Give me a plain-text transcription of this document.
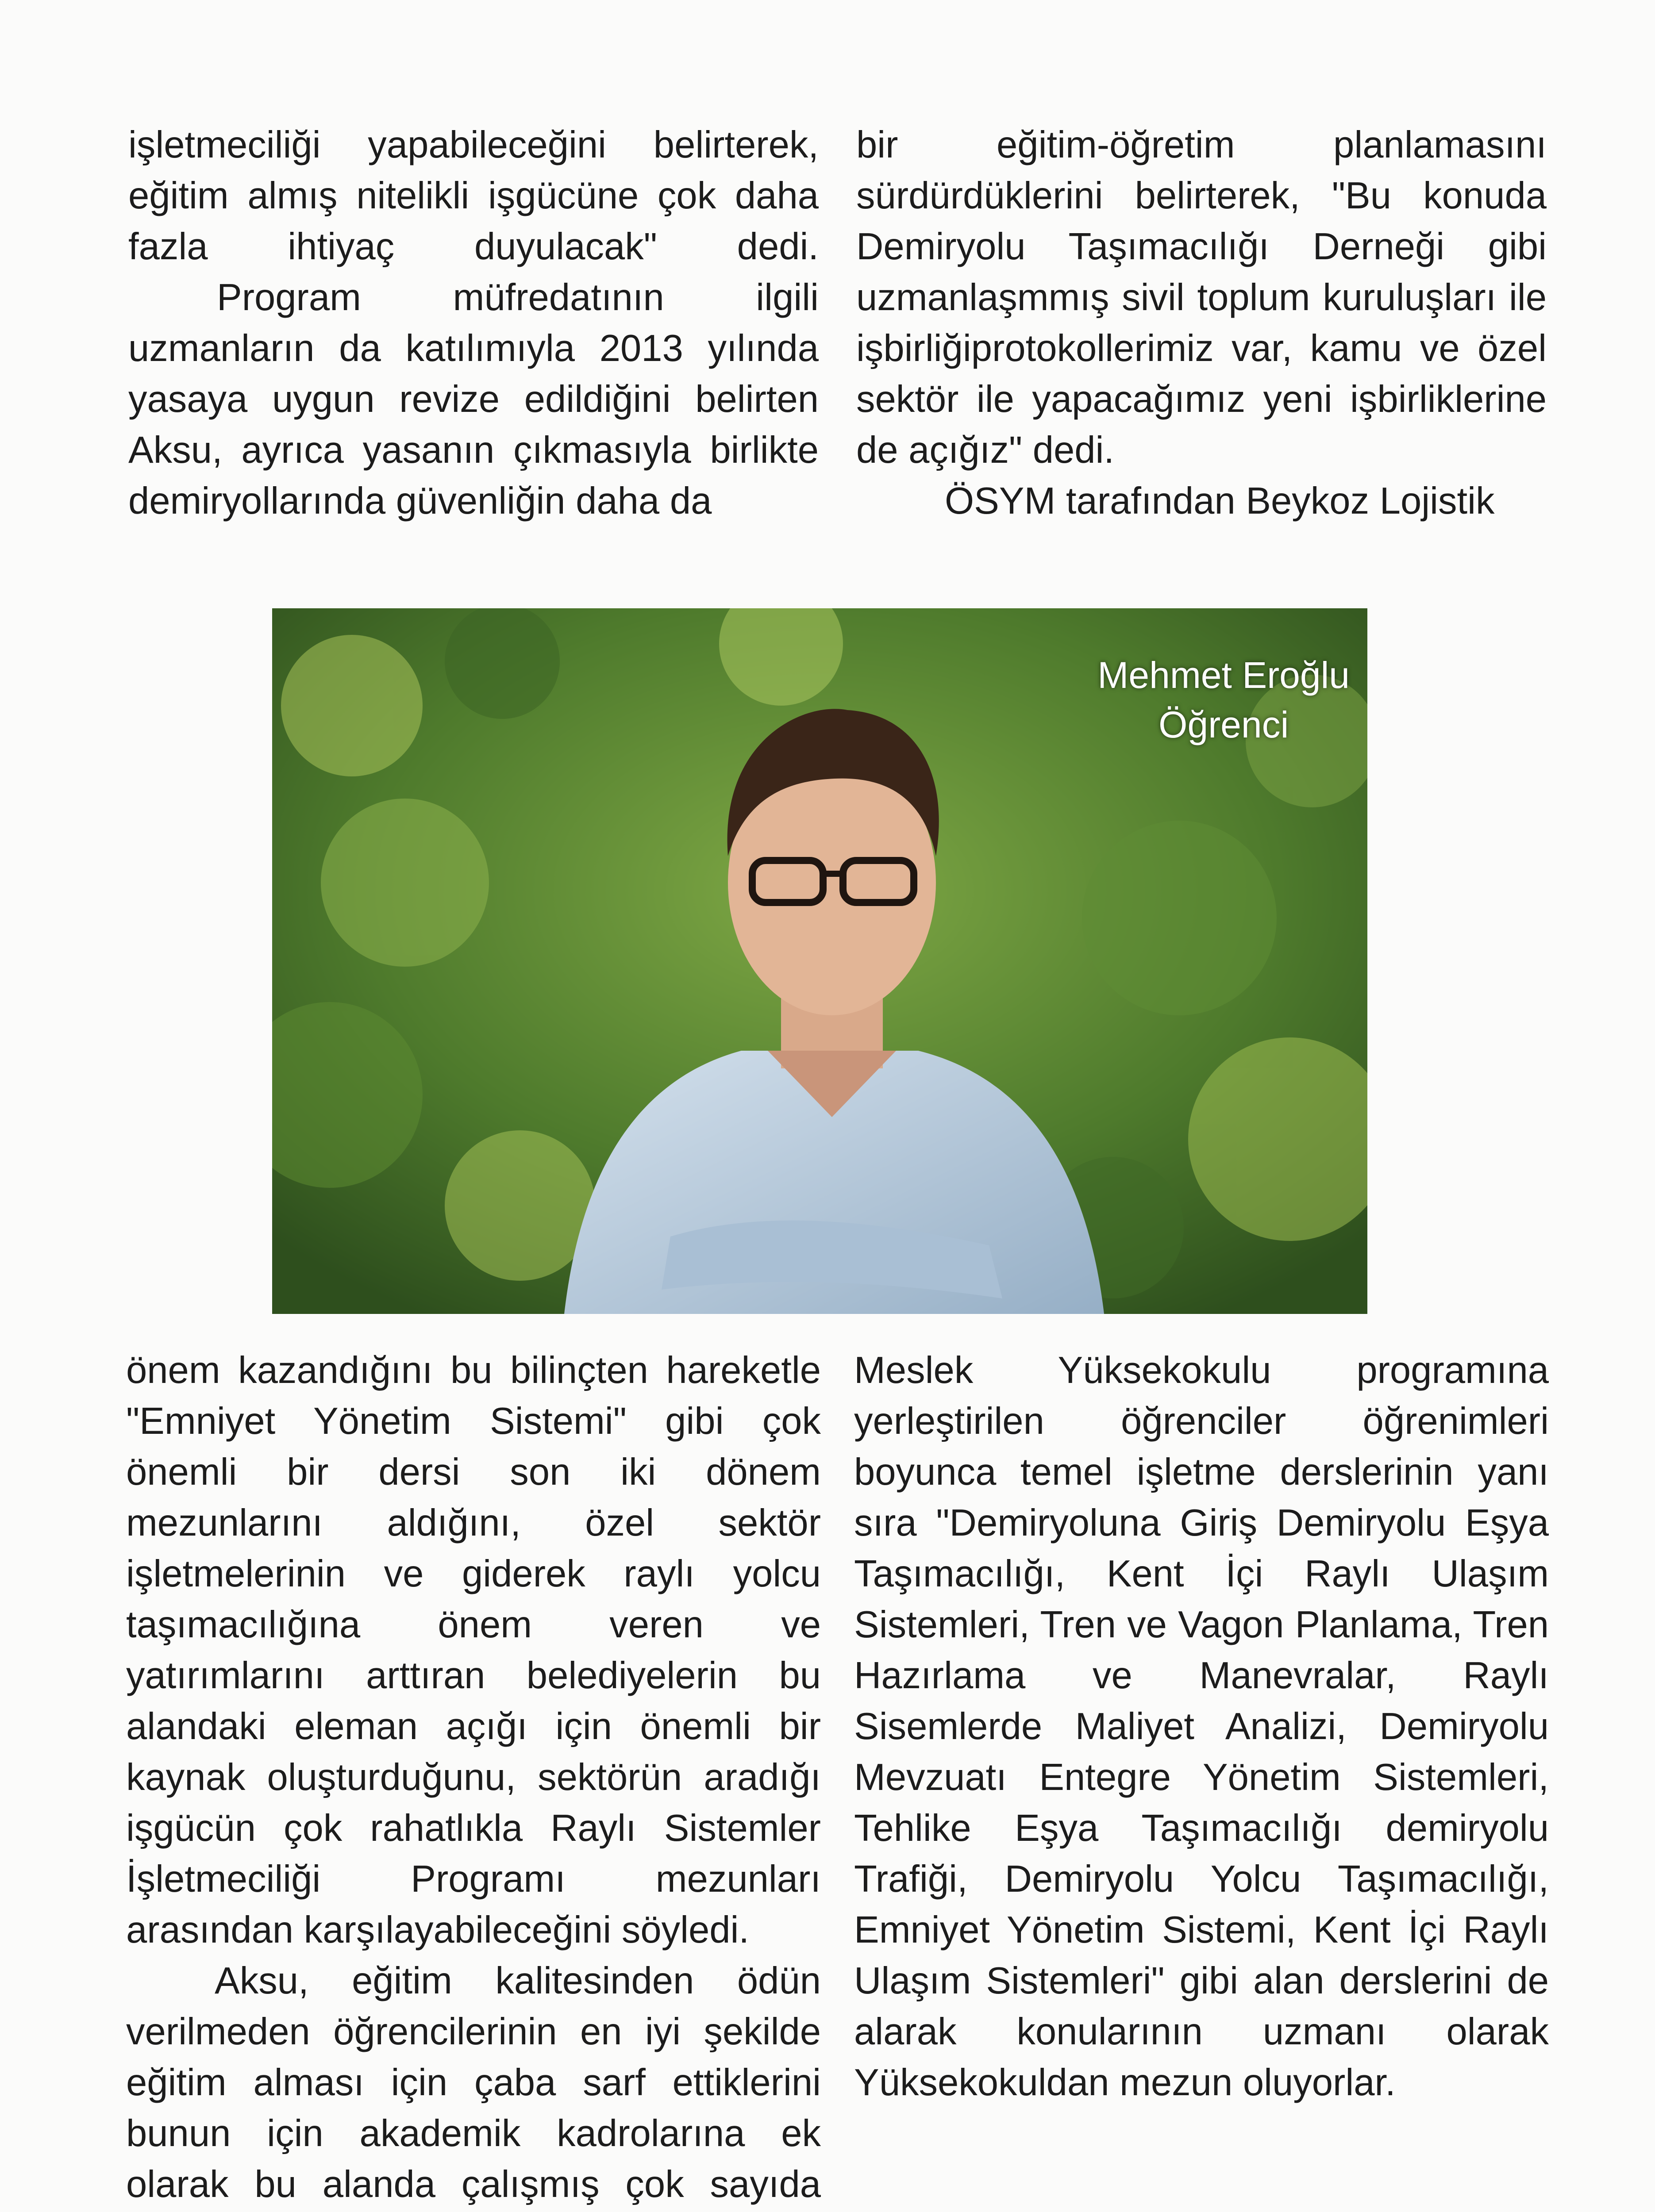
işletmeciliği yapabileceğini belirterek, eğitim almış nitelikli işgücüne çok daha fazla ihtiyaç duyulacak" dedi.

Program müfredatının ilgili uzmanların da katılımıyla 2013 yılında yasaya uygun revize edildiğini belirten Aksu, ayrıca yasanın çıkmasıyla birlikte demiryollarında güvenliğin daha da

bir eğitim-öğretim planlamasını sürdürdüklerini belirterek, "Bu konuda Demiryolu Taşımacılığı Derneği gibi uzmanlaşmmış sivil toplum kuruluşları ile işbirliğiprotokollerimiz var, kamu ve özel sektör ile yapacağımız yeni işbirliklerine de açığız" dedi.

ÖSYM tarafından Beykoz Lojistik

Mehmet Eroğlu
Öğrenci

önem kazandığını bu bilinçten hareketle "Emniyet Yönetim Sistemi" gibi çok önemli bir dersi son iki dönem mezunlarını aldığını, özel sektör işletmelerinin ve giderek raylı yolcu taşımacılığına önem veren ve yatırımlarını arttıran belediyelerin bu alandaki eleman açığı için önemli bir kaynak oluşturduğunu, sektörün aradığı işgücün çok rahatlıkla Raylı Sistemler İşletmeciliği Programı mezunları arasından karşılayabileceğini söyledi.

Aksu, eğitim kalitesinden ödün verilmeden öğrencilerinin en iyi şekilde eğitim alması için çaba sarf ettiklerini bunun için akademik kadrolarına ek olarak bu alanda çalışmış çok sayıda

Meslek Yüksekokulu programına yerleştirilen öğrenciler öğrenimleri boyunca temel işletme derslerinin yanı sıra "Demiryoluna Giriş Demiryolu Eşya Taşımacılığı, Kent İçi Raylı Ulaşım Sistemleri, Tren ve Vagon Planlama, Tren Hazırlama ve Manevralar, Raylı Sisemlerde Maliyet Analizi, Demiryolu Mevzuatı Entegre Yönetim Sistemleri, Tehlike Eşya Taşımacılığı demiryolu Trafiği, Demiryolu Yolcu Taşımacılığı, Emniyet Yönetim Sistemi, Kent İçi Raylı Ulaşım Sistemleri" gibi alan derslerini de alarak konularının uzmanı olarak Yüksekokuldan mezun oluyorlar.
